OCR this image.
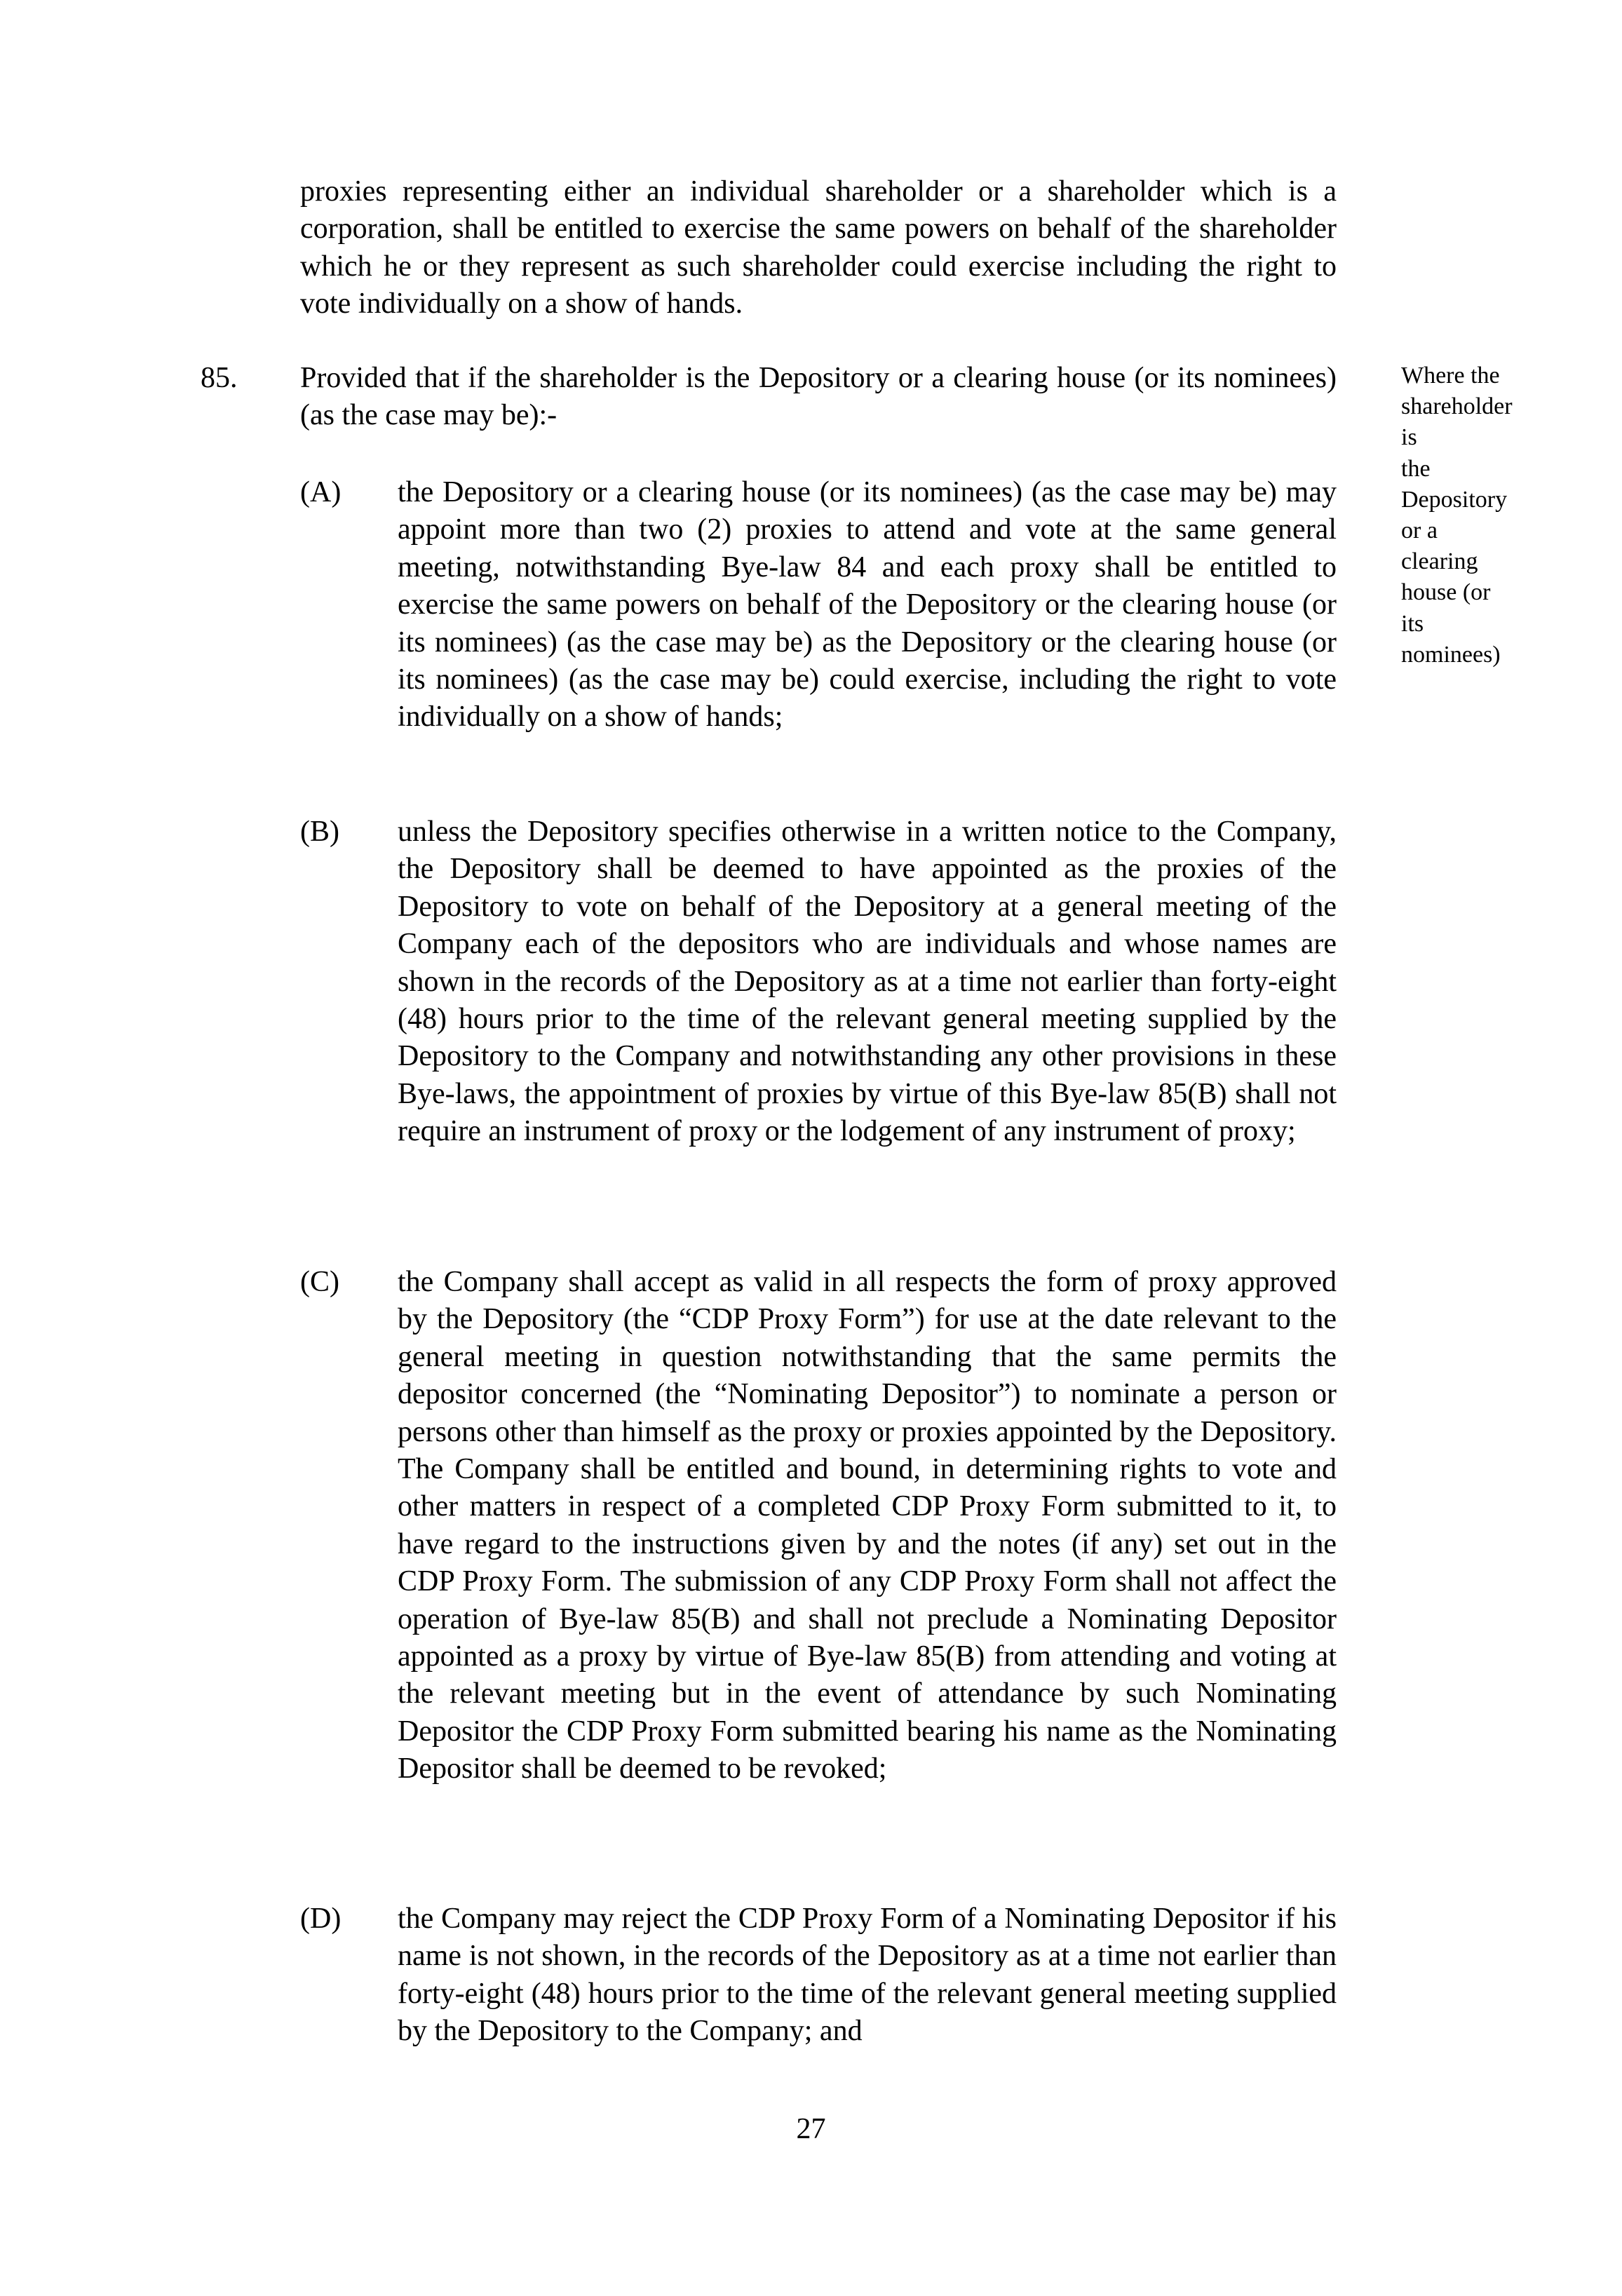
proxies representing either an individual shareholder or a shareholder which is a corporation, shall be entitled to exercise the same powers on behalf of the shareholder which he or they represent as such shareholder could exercise including the right to vote individually on a show of hands.
85. Provided that if the shareholder is the Depository or a clearing house (or its nominees) (as the case may be):-
Where the
shareholder
is
the
Depository
or a
clearing
house (or
its
nominees)
(A) the Depository or a clearing house (or its nominees) (as the case may be) may appoint more than two (2) proxies to attend and vote at the same general meeting, notwithstanding Bye-law 84 and each proxy shall be entitled to exercise the same powers on behalf of the Depository or the clearing house (or its nominees) (as the case may be) as the Depository or the clearing house (or its nominees) (as the case may be) could exercise, including the right to vote individually on a show of hands;
(B) unless the Depository specifies otherwise in a written notice to the Company, the Depository shall be deemed to have appointed as the proxies of the Depository to vote on behalf of the Depository at a general meeting of the Company each of the depositors who are individuals and whose names are shown in the records of the Depository as at a time not earlier than forty-eight (48) hours prior to the time of the relevant general meeting supplied by the Depository to the Company and notwithstanding any other provisions in these Bye-laws, the appointment of proxies by virtue of this Bye-law 85(B) shall not require an instrument of proxy or the lodgement of any instrument of proxy;
(C) the Company shall accept as valid in all respects the form of proxy approved by the Depository (the “CDP Proxy Form”) for use at the date relevant to the general meeting in question notwithstanding that the same permits the depositor concerned (the “Nominating Depositor”) to nominate a person or persons other than himself as the proxy or proxies appointed by the Depository. The Company shall be entitled and bound, in determining rights to vote and other matters in respect of a completed CDP Proxy Form submitted to it, to have regard to the instructions given by and the notes (if any) set out in the CDP Proxy Form. The submission of any CDP Proxy Form shall not affect the operation of Bye-law 85(B) and shall not preclude a Nominating Depositor appointed as a proxy by virtue of Bye-law 85(B) from attending and voting at the relevant meeting but in the event of attendance by such Nominating Depositor the CDP Proxy Form submitted bearing his name as the Nominating Depositor shall be deemed to be revoked;
(D) the Company may reject the CDP Proxy Form of a Nominating Depositor if his name is not shown, in the records of the Depository as at a time not earlier than forty-eight (48) hours prior to the time of the relevant general meeting supplied by the Depository to the Company; and
27
